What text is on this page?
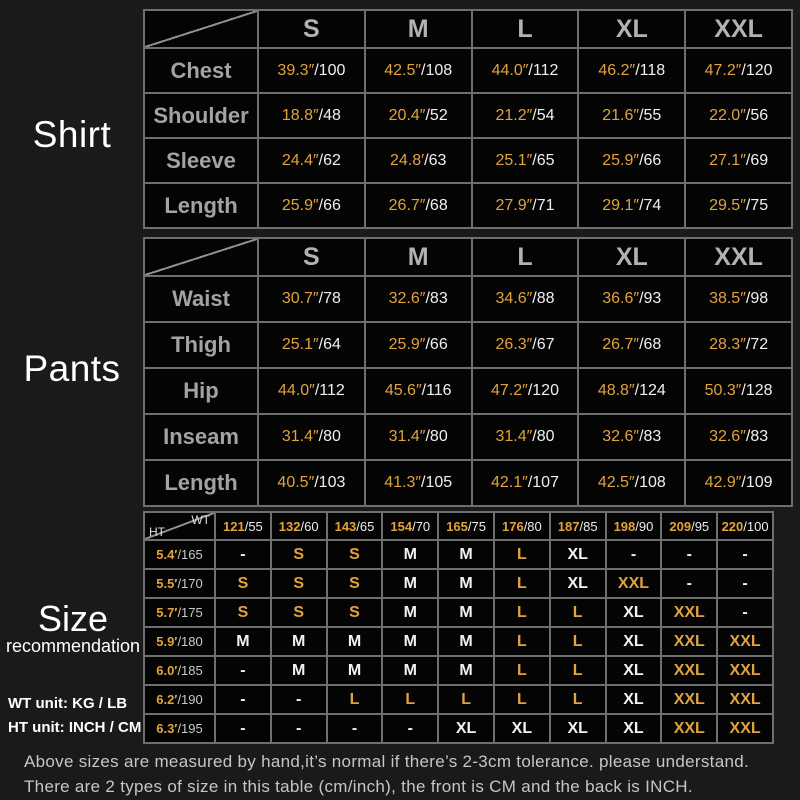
Shirt
	S	M	L	XL	XXL
Chest	39.3″/100	42.5″/108	44.0″/112	46.2″/118	47.2″/120
Shoulder	18.8″/48	20.4″/52	21.2″/54	21.6″/55	22.0″/56
Sleeve	24.4″/62	24.8′/63	25.1″/65	25.9″/66	27.1″/69
Length	25.9″/66	26.7″/68	27.9″/71	29.1″/74	29.5″/75
Pants
	S	M	L	XL	XXL
Waist	30.7″/78	32.6″/83	34.6″/88	36.6″/93	38.5″/98
Thigh	25.1″/64	25.9″/66	26.3″/67	26.7″/68	28.3″/72
Hip	44.0″/112	45.6″/116	47.2″/120	48.8″/124	50.3″/128
Inseam	31.4″/80	31.4″/80	31.4″/80	32.6″/83	32.6″/83
Length	40.5″/103	41.3″/105	42.1″/107	42.5″/108	42.9″/109
Size
recommendation
WT unit: KG / LB
HT unit: INCH / CM
WT
HT	121/55	132/60	143/65	154/70	165/75	176/80	187/85	198/90	209/95	220/100
5.4′/165	-	S	S	M	M	L	XL	-	-	-
5.5′/170	S	S	S	M	M	L	XL	XXL	-	-
5.7′/175	S	S	S	M	M	L	L	XL	XXL	-
5.9′/180	M	M	M	M	M	L	L	XL	XXL	XXL
6.0′/185	-	M	M	M	M	L	L	XL	XXL	XXL
6.2′/190	-	-	L	L	L	L	L	XL	XXL	XXL
6.3′/195	-	-	-	-	XL	XL	XL	XL	XXL	XXL
Above sizes are measured by hand,it’s normal if there’s 2-3cm tolerance. please understand.
There are 2 types of size in this table (cm/inch), the front is CM and the back is INCH.
